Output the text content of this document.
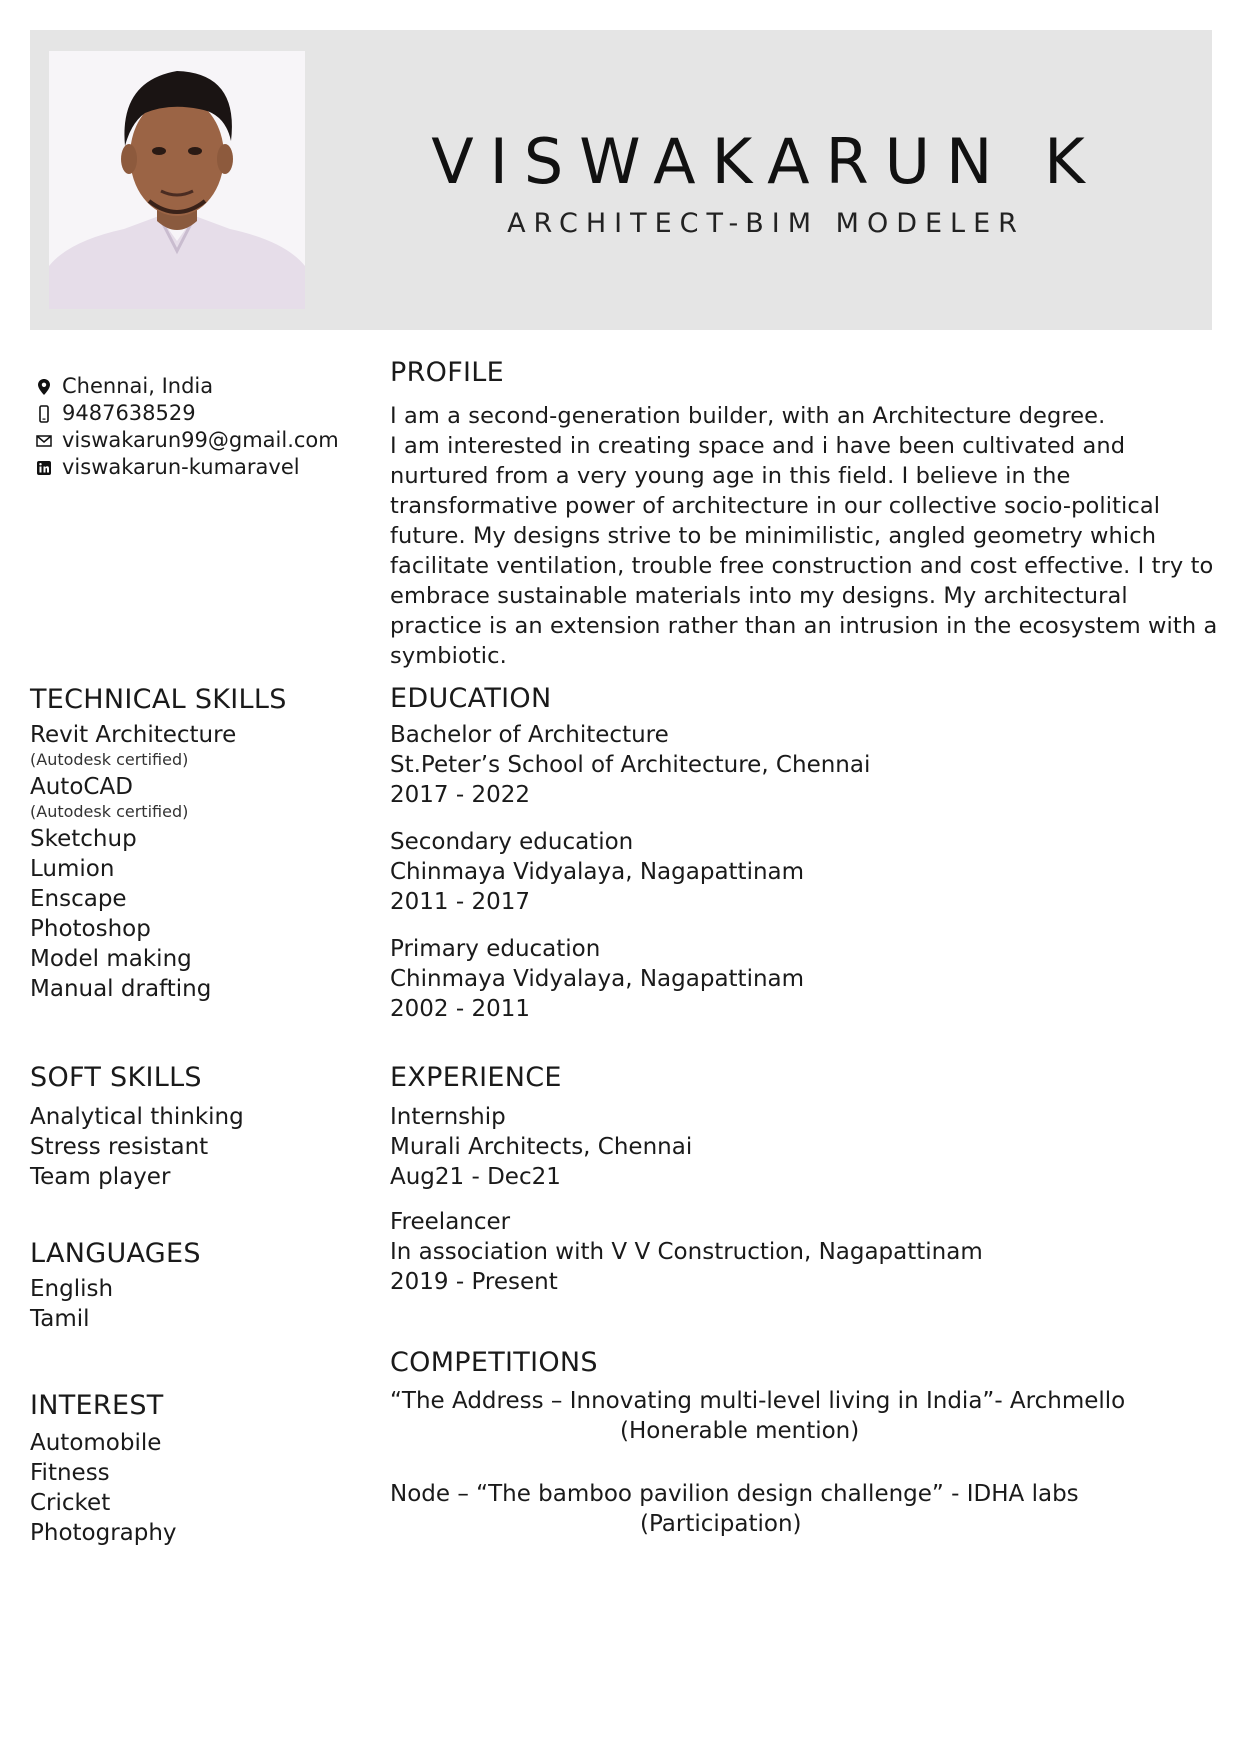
VISWAKARUN K
ARCHITECT-BIM MODELER
Chennai, India
9487638529
viswakarun99@gmail.com
viswakarun-kumaravel
PROFILE
I am a second-generation builder, with an Architecture degree.
I am interested in creating space and i have been cultivated and nurtured from a very young age in this field. I believe in the transformative power of architecture in our collective socio-political future. My designs strive to be minimilistic, angled geometry which facilitate ventilation, trouble free construction and cost effective. I try to embrace sustainable materials into my designs. My architectural practice is an extension rather than an intrusion in the ecosystem with a symbiotic.
TECHNICAL SKILLS
Revit Architecture
(Autodesk certified)
AutoCAD
(Autodesk certified)
Sketchup
Lumion
Enscape
Photoshop
Model making
Manual drafting
SOFT SKILLS
Analytical thinking
Stress resistant
Team player
LANGUAGES
English
Tamil
INTEREST
Automobile
Fitness
Cricket
Photography
EDUCATION
Bachelor of Architecture
St.Peter’s School of Architecture, Chennai
2017 - 2022
Secondary education
Chinmaya Vidyalaya, Nagapattinam
2011 - 2017
Primary education
Chinmaya Vidyalaya, Nagapattinam
2002 - 2011
EXPERIENCE
Internship
Murali Architects, Chennai
Aug21 - Dec21
Freelancer
In association with V V Construction, Nagapattinam
2019 - Present
COMPETITIONS
“The Address – Innovating multi-level living in India”- Archmello
(Honerable mention)
Node – “The bamboo pavilion design challenge” - IDHA labs
(Participation)
